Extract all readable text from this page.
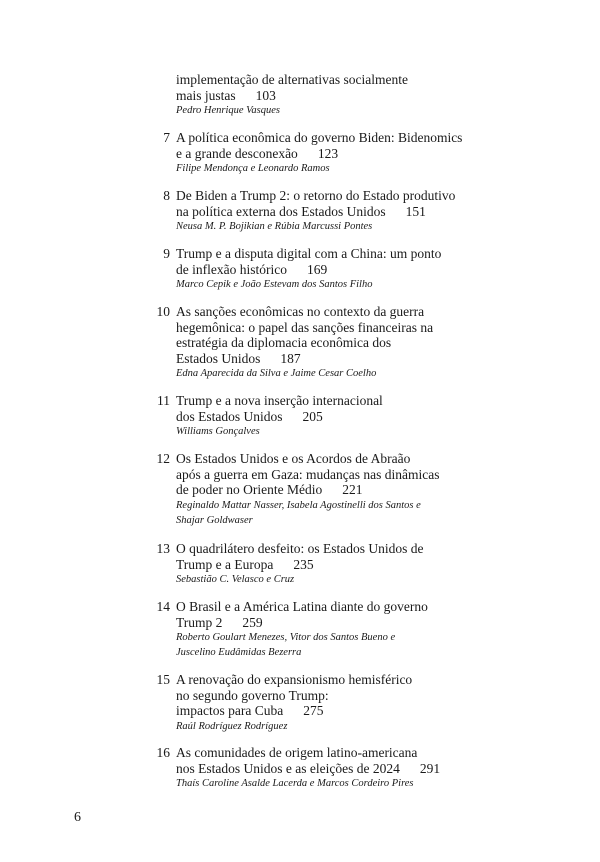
implementação de alternativas socialmente
mais justas 103
Pedro Henrique Vasques
7 A política econômica do governo Biden: Bidenomics
e a grande desconexão 123
Filipe Mendonça e Leonardo Ramos
8 De Biden a Trump 2: o retorno do Estado produtivo
na política externa dos Estados Unidos 151
Neusa M. P. Bojikian e Rúbia Marcussi Pontes
9 Trump e a disputa digital com a China: um ponto
de inflexão histórico 169
Marco Cepik e João Estevam dos Santos Filho
10 As sanções econômicas no contexto da guerra
hegemônica: o papel das sanções financeiras na
estratégia da diplomacia econômica dos
Estados Unidos 187
Edna Aparecida da Silva e Jaime Cesar Coelho
11 Trump e a nova inserção internacional
dos Estados Unidos 205
Williams Gonçalves
12 Os Estados Unidos e os Acordos de Abraão
após a guerra em Gaza: mudanças nas dinâmicas
de poder no Oriente Médio 221
Reginaldo Mattar Nasser, Isabela Agostinelli dos Santos e
Shajar Goldwaser
13 O quadrilátero desfeito: os Estados Unidos de
Trump e a Europa 235
Sebastião C. Velasco e Cruz
14 O Brasil e a América Latina diante do governo
Trump 2 259
Roberto Goulart Menezes, Vitor dos Santos Bueno e
Juscelino Eudâmidas Bezerra
15 A renovação do expansionismo hemisférico
no segundo governo Trump:
impactos para Cuba 275
Raúl Rodríguez Rodríguez
16 As comunidades de origem latino-americana
nos Estados Unidos e as eleições de 2024 291
Thaís Caroline Asalde Lacerda e Marcos Cordeiro Pires
6
